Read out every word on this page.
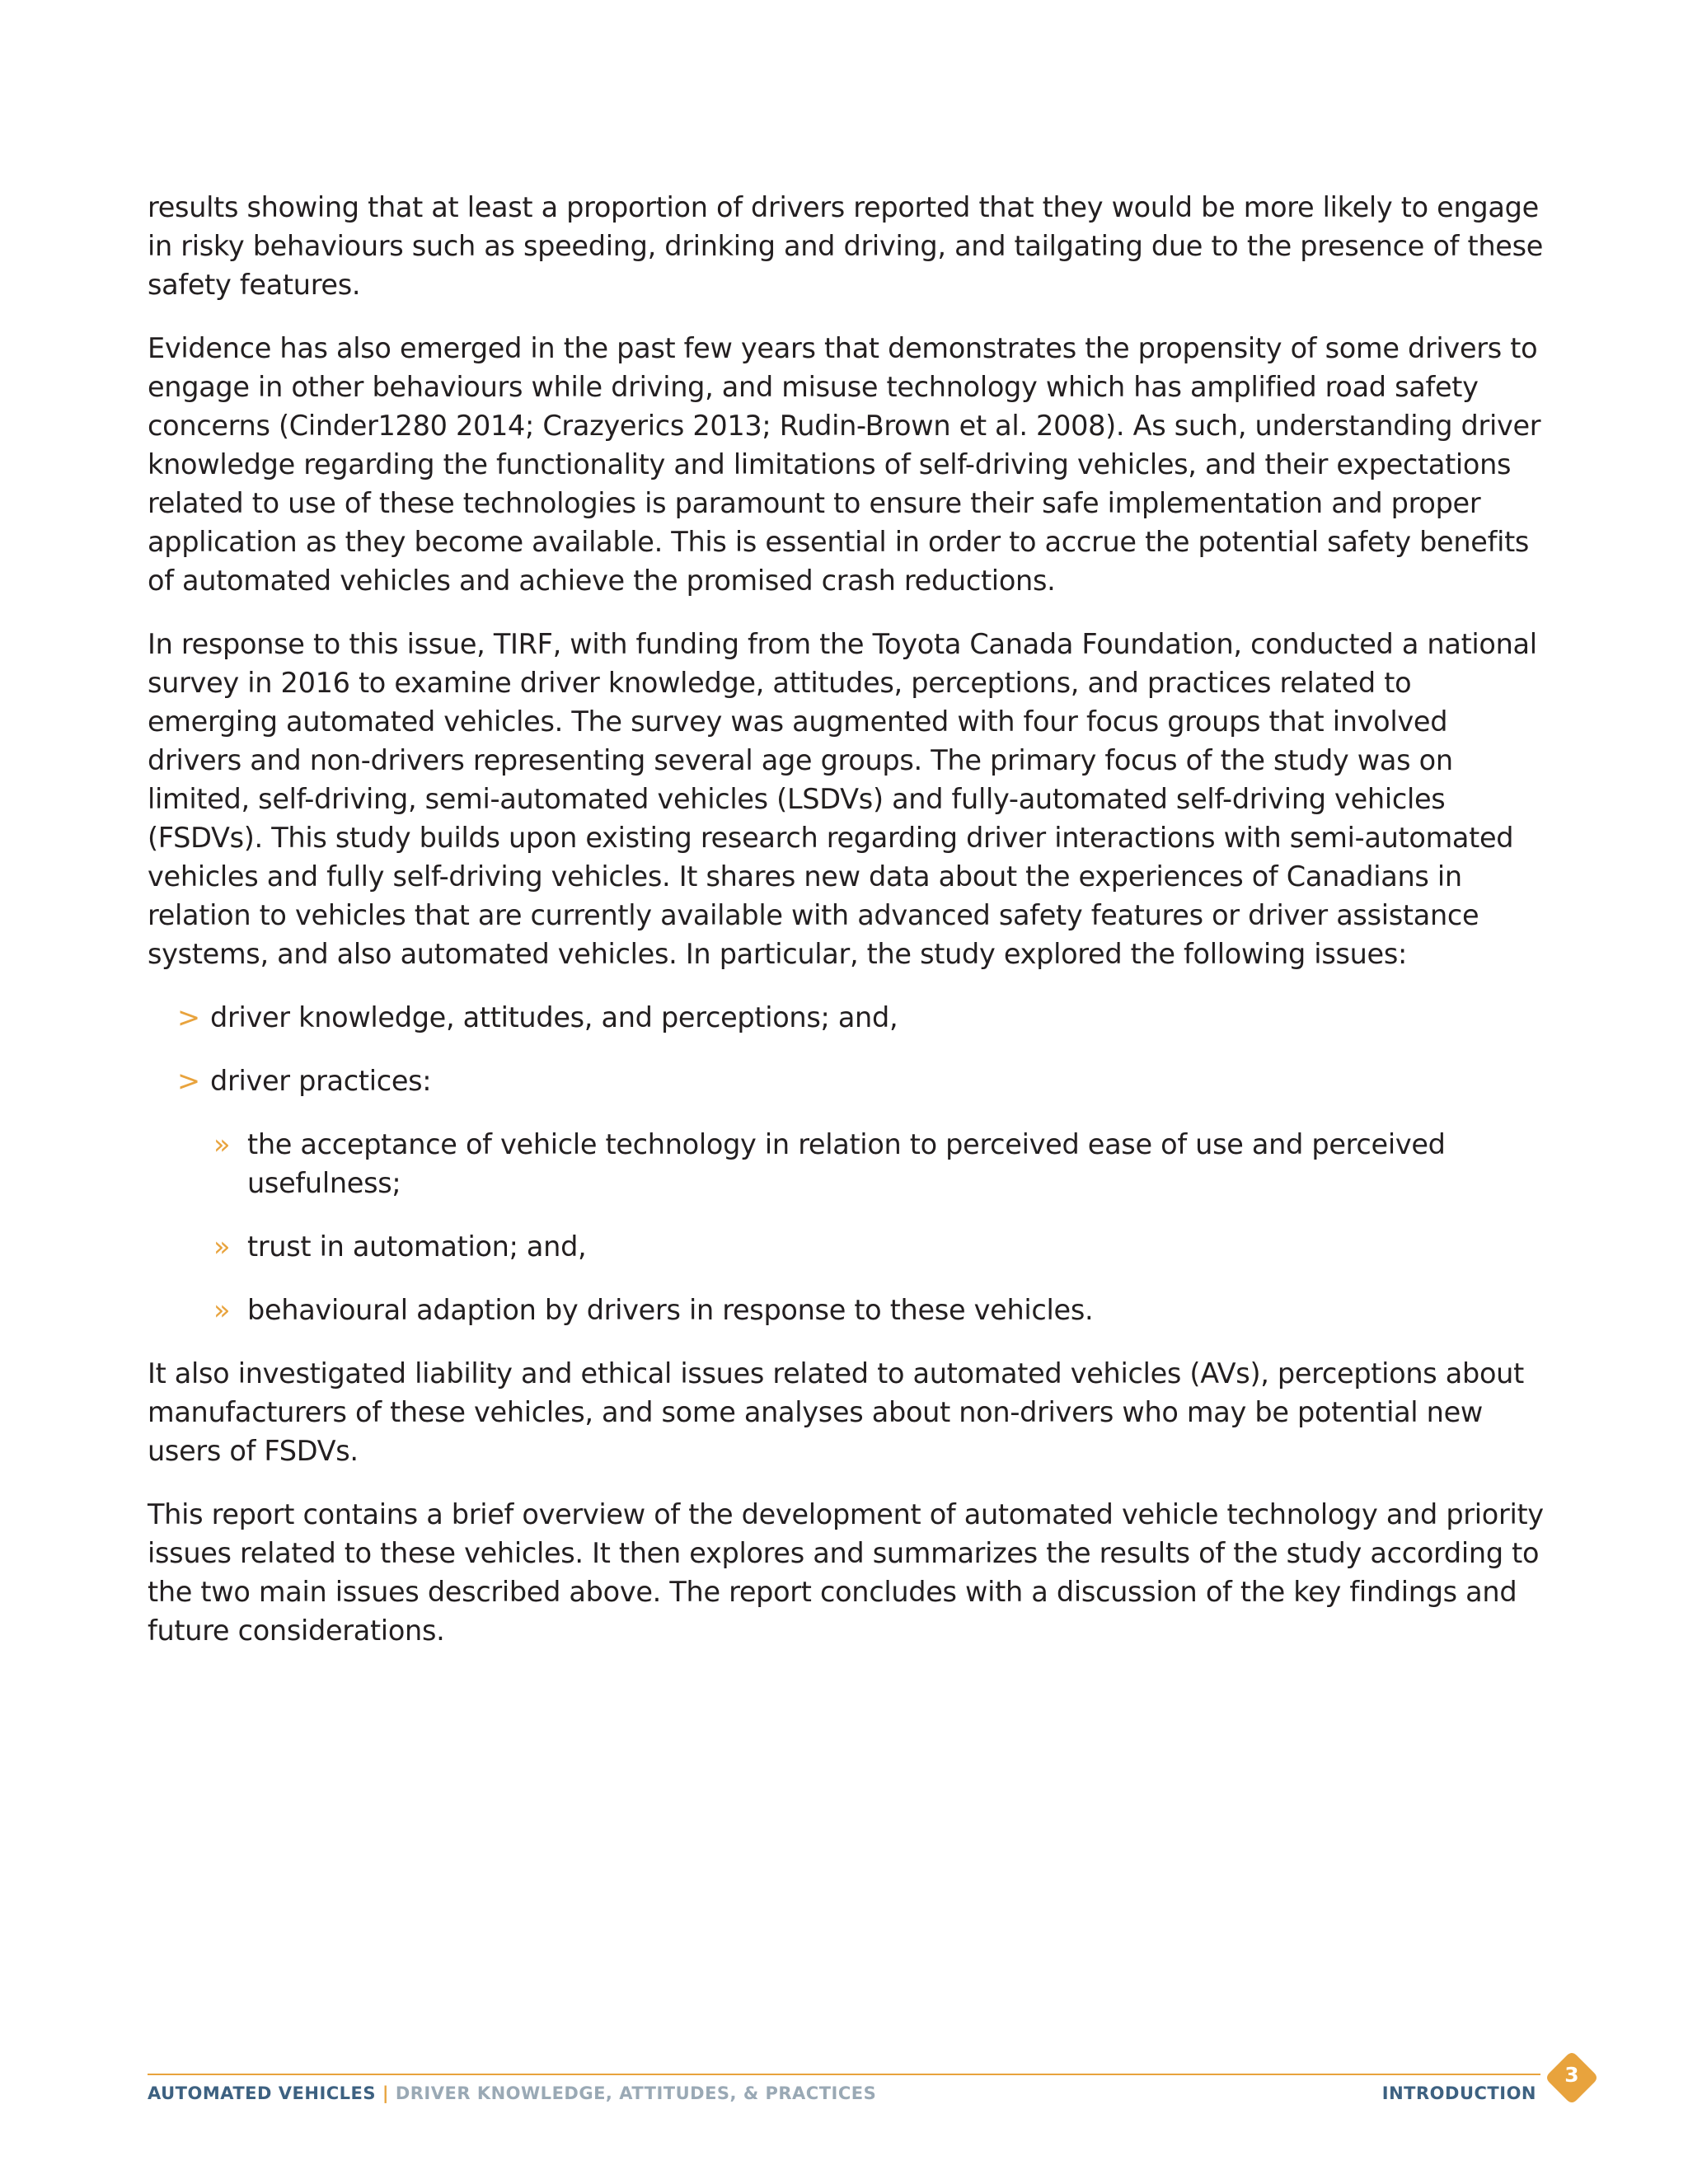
results showing that at least a proportion of drivers reported that they would be more likely to engage in risky behaviours such as speeding, drinking and driving, and tailgating due to the presence of these safety features.

Evidence has also emerged in the past few years that demonstrates the propensity of some drivers to engage in other behaviours while driving, and misuse technology which has amplified road safety concerns (Cinder1280 2014; Crazyerics 2013; Rudin-Brown et al. 2008). As such, understanding driver knowledge regarding the functionality and limitations of self-driving vehicles, and their expectations related to use of these technologies is paramount to ensure their safe implementation and proper application as they become available. This is essential in order to accrue the potential safety benefits of automated vehicles and achieve the promised crash reductions.

In response to this issue, TIRF, with funding from the Toyota Canada Foundation, conducted a national survey in 2016 to examine driver knowledge, attitudes, perceptions, and practices related to emerging automated vehicles. The survey was augmented with four focus groups that involved drivers and non-drivers representing several age groups. The primary focus of the study was on limited, self-driving, semi-automated vehicles (LSDVs) and fully-automated self-driving vehicles (FSDVs). This study builds upon existing research regarding driver interactions with semi-automated vehicles and fully self-driving vehicles. It shares new data about the experiences of Canadians in relation to vehicles that are currently available with advanced safety features or driver assistance systems, and also automated vehicles. In particular, the study explored the following issues:

> driver knowledge, attitudes, and perceptions; and,
> driver practices:
» the acceptance of vehicle technology in relation to perceived ease of use and perceived usefulness;
» trust in automation; and,
» behavioural adaption by drivers in response to these vehicles.

It also investigated liability and ethical issues related to automated vehicles (AVs), perceptions about manufacturers of these vehicles, and some analyses about non-drivers who may be potential new users of FSDVs.

This report contains a brief overview of the development of automated vehicle technology and priority issues related to these vehicles. It then explores and summarizes the results of the study according to the two main issues described above. The report concludes with a discussion of the key findings and future considerations.

AUTOMATED VEHICLES | DRIVER KNOWLEDGE, ATTITUDES, & PRACTICES	INTRODUCTION
3
